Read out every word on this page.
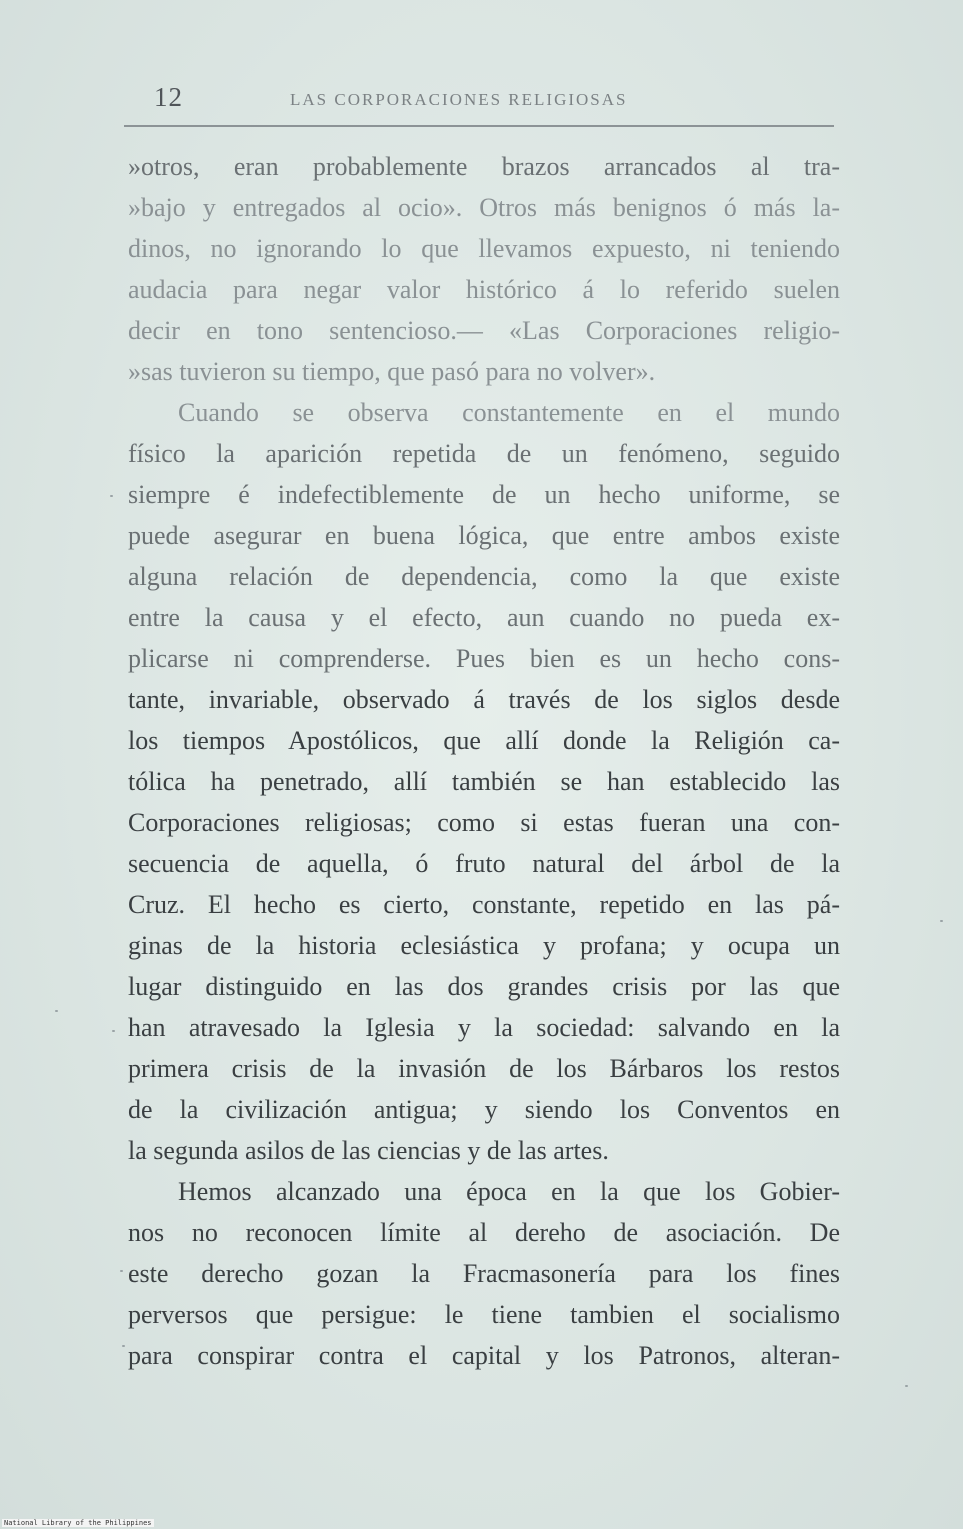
12	LAS CORPORACIONES RELIGIOSAS
»otros, eran probablemente brazos arrancados al tra-
»bajo y entregados al ocio». Otros más benignos ó más la-
dinos, no ignorando lo que llevamos expuesto, ni teniendo
audacia para negar valor histórico á lo referido suelen
decir en tono sentencioso.— «Las Corporaciones religio-
»sas tuvieron su tiempo, que pasó para no volver».
Cuando se observa constantemente en el mundo
físico la aparición repetida de un fenómeno, seguido
siempre é indefectiblemente de un hecho uniforme, se
puede asegurar en buena lógica, que entre ambos existe
alguna relación de dependencia, como la que existe
entre la causa y el efecto, aun cuando no pueda ex-
plicarse ni comprenderse. Pues bien es un hecho cons-
tante, invariable, observado á través de los siglos desde
los tiempos Apostólicos, que allí donde la Religión ca-
tólica ha penetrado, allí también se han establecido las
Corporaciones religiosas; como si estas fueran una con-
secuencia de aquella, ó fruto natural del árbol de la
Cruz. El hecho es cierto, constante, repetido en las pá-
ginas de la historia eclesiástica y profana; y ocupa un
lugar distinguido en las dos grandes crisis por las que
han atravesado la Iglesia y la sociedad: salvando en la
primera crisis de la invasión de los Bárbaros los restos
de la civilización antigua; y siendo los Conventos en
la segunda asilos de las ciencias y de las artes.
Hemos alcanzado una época en la que los Gobier-
nos no reconocen límite al dereho de asociación. De
este derecho gozan la Fracmasonería para los fines
perversos que persigue: le tiene tambien el socialismo
para conspirar contra el capital y los Patronos, alteran-
National Library of the Philippines
